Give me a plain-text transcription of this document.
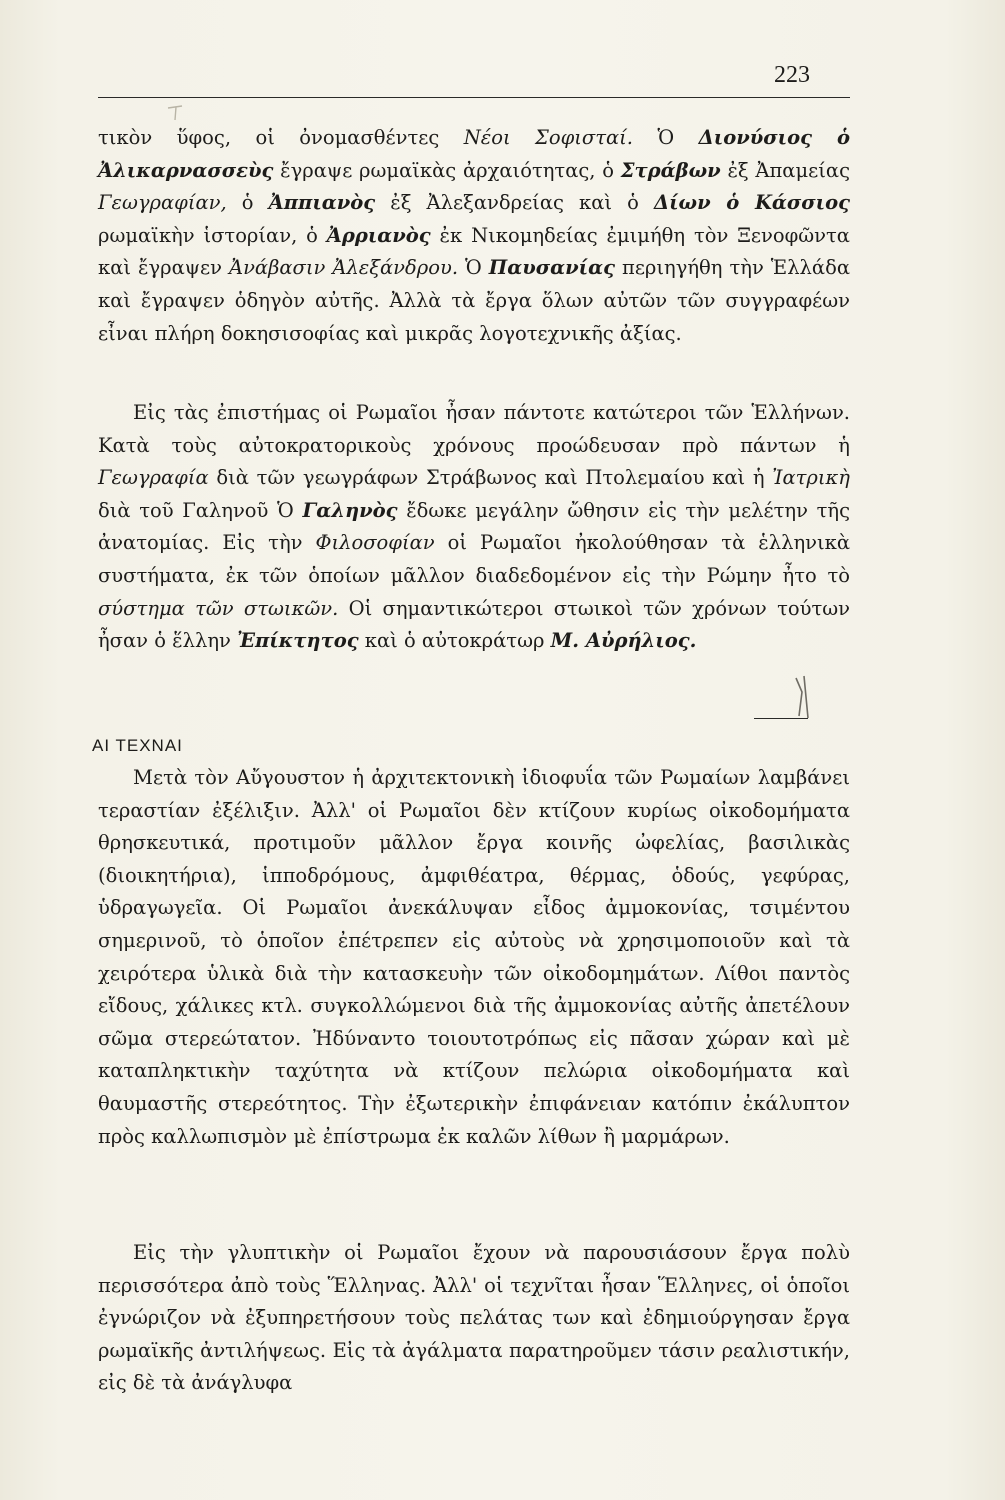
223

τικὸν ὕφος, οἱ ὀνομασθέντες Νέοι Σοφισταί. Ὁ Διονύσιος ὁ Ἀλικαρνασσεὺς ἔγραψε ρωμαϊκὰς ἀρχαιότητας, ὁ Στράβων ἐξ Ἀπαμείας Γεωγραφίαν, ὁ Ἀππιανὸς ἐξ Ἀλεξανδρείας καὶ ὁ Δίων ὁ Κάσσιος ρωμαϊκὴν ἱστορίαν, ὁ Ἀρριανὸς ἐκ Νικομηδείας ἐμιμήθη τὸν Ξενοφῶντα καὶ ἔγραψεν Ἀνάβασιν Ἀλεξάνδρου. Ὁ Παυσανίας περιηγήθη τὴν Ἑλλάδα καὶ ἔγραψεν ὁδηγὸν αὐτῆς. Ἀλλὰ τὰ ἔργα ὅλων αὐτῶν τῶν συγγραφέων εἶναι πλήρη δοκησισοφίας καὶ μικρᾶς λογοτεχνικῆς ἀξίας.

Εἰς τὰς ἐπιστήμας οἱ Ρωμαῖοι ἦσαν πάντοτε κατώτεροι τῶν Ἑλλήνων. Κατὰ τοὺς αὐτοκρατορικοὺς χρόνους προώδευσαν πρὸ πάντων ἡ Γεωγραφία διὰ τῶν γεωγράφων Στράβωνος καὶ Πτολεμαίου καὶ ἡ Ἰατρικὴ διὰ τοῦ Γαληνοῦ Ὁ Γαληνὸς ἔδωκε μεγάλην ὤθησιν εἰς τὴν μελέτην τῆς ἀνατομίας. Εἰς τὴν Φιλοσοφίαν οἱ Ρωμαῖοι ἠκολούθησαν τὰ ἑλληνικὰ συστήματα, ἐκ τῶν ὁποίων μᾶλλον διαδεδομένον εἰς τὴν Ρώμην ἦτο τὸ σύστημα τῶν στωικῶν. Οἱ σημαντικώτεροι στωικοὶ τῶν χρόνων τούτων ἦσαν ὁ ἕλλην Ἐπίκτητος καὶ ὁ αὐτοκράτωρ Μ. Αὐρήλιος.

ΑΙ ΤΕΧΝΑΙ

Μετὰ τὸν Αὔγουστον ἡ ἀρχιτεκτονικὴ ἰδιοφυΐα τῶν Ρωμαίων λαμβάνει τεραστίαν ἐξέλιξιν. Ἀλλ' οἱ Ρωμαῖοι δὲν κτίζουν κυρίως οἰκοδομήματα θρησκευτικά, προτιμοῦν μᾶλλον ἔργα κοινῆς ὠφελίας, βασιλικὰς (διοικητήρια), ἱπποδρόμους, ἀμφιθέατρα, θέρμας, ὁδούς, γεφύρας, ὑδραγωγεῖα. Οἱ Ρωμαῖοι ἀνεκάλυψαν εἶδος ἀμμοκονίας, τσιμέντου σημερινοῦ, τὸ ὁποῖον ἐπέτρεπεν εἰς αὐτοὺς νὰ χρησιμοποιοῦν καὶ τὰ χειρότερα ὑλικὰ διὰ τὴν κατασκευὴν τῶν οἰκοδομημάτων. Λίθοι παντὸς εἴδους, χάλικες κτλ. συγκολλώμενοι διὰ τῆς ἀμμοκονίας αὐτῆς ἀπετέλουν σῶμα στερεώτατον. Ἠδύναντο τοιουτοτρόπως εἰς πᾶσαν χώραν καὶ μὲ καταπληκτικὴν ταχύτητα νὰ κτίζουν πελώρια οἰκοδομήματα καὶ θαυμαστῆς στερεότητος. Τὴν ἐξωτερικὴν ἐπιφάνειαν κατόπιν ἐκάλυπτον πρὸς καλλωπισμὸν μὲ ἐπίστρωμα ἐκ καλῶν λίθων ἢ μαρμάρων.

Εἰς τὴν γλυπτικὴν οἱ Ρωμαῖοι ἔχουν νὰ παρουσιάσουν ἔργα πολὺ περισσότερα ἀπὸ τοὺς Ἕλληνας. Ἀλλ' οἱ τεχνῖται ἦσαν Ἕλληνες, οἱ ὁποῖοι ἐγνώριζον νὰ ἐξυπηρετήσουν τοὺς πελάτας των καὶ ἐδημιούργησαν ἔργα ρωμαϊκῆς ἀντιλήψεως. Εἰς τὰ ἀγάλματα παρατηροῦμεν τάσιν ρεαλιστικήν, εἰς δὲ τὰ ἀνάγλυφα
